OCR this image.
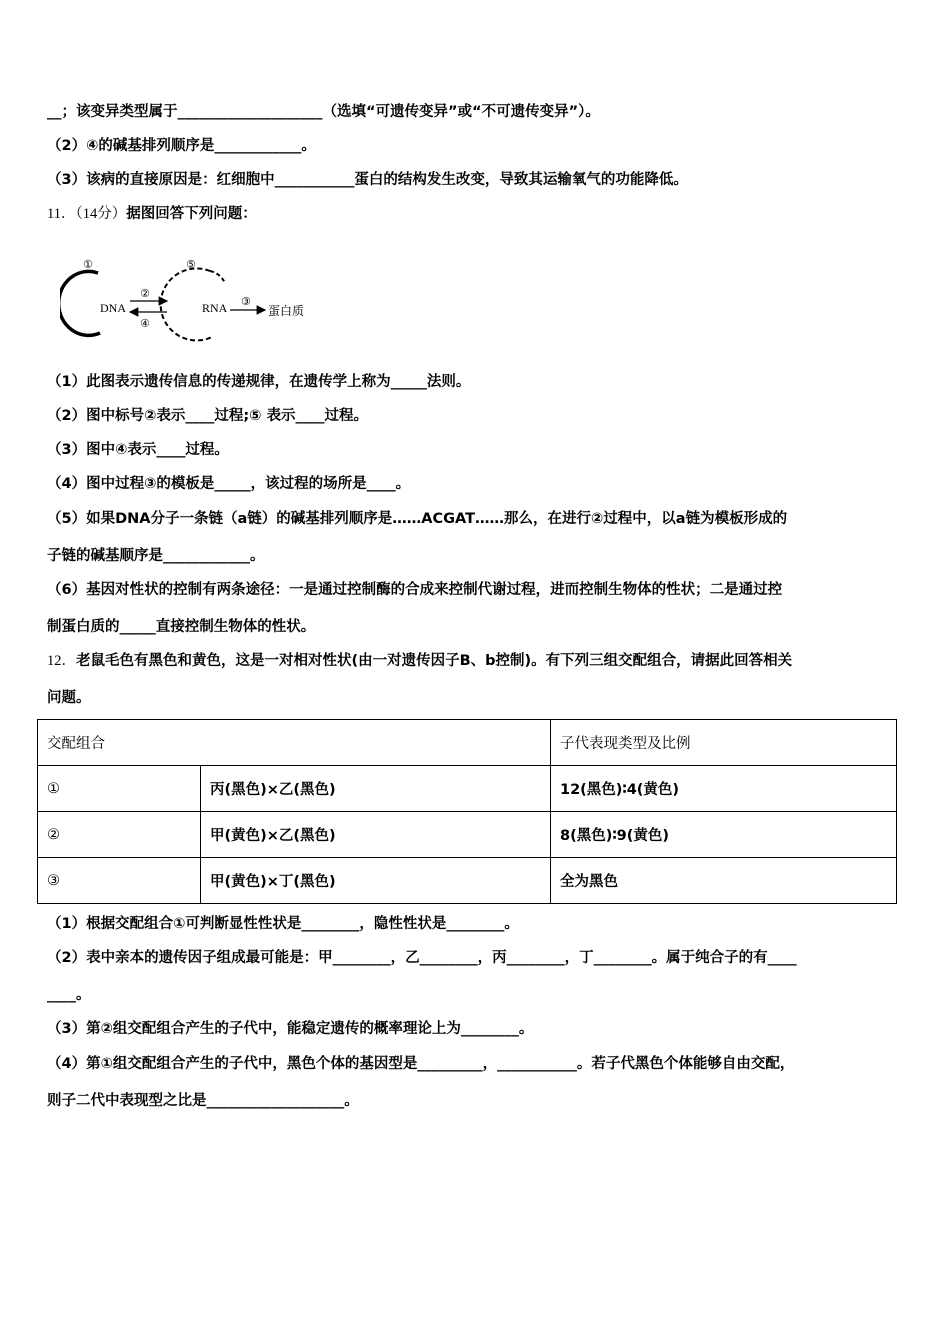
__；该变异类型属于____________________（选填“可遗传变异”或“不可遗传变异”）。
（2）④的碱基排列顺序是____________。
（3）该病的直接原因是：红细胞中___________蛋白的结构发生改变，导致其运输氧气的功能降低。
11．（14分）据图回答下列问题：
①
DNA
②
④
⑤
RNA ③
蛋白质
（1）此图表示遗传信息的传递规律，在遗传学上称为_____法则。
（2）图中标号②表示____过程;⑤ 表示____过程。
（3）图中④表示____过程。
（4）图中过程③的模板是_____，该过程的场所是____。
（5）如果DNA分子一条链（a链）的碱基排列顺序是……ACGAT……那么，在进行②过程中，以a链为模板形成的
子链的碱基顺序是____________。
（6）基因对性状的控制有两条途径：一是通过控制酶的合成来控制代谢过程，进而控制生物体的性状；二是通过控
制蛋白质的_____直接控制生物体的性状。
12．老鼠毛色有黑色和黄色，这是一对相对性状(由一对遗传因子B、b控制)。有下列三组交配组合，请据此回答相关
问题。
交配组合		子代表现类型及比例
①	丙(黑色)×乙(黑色)	12(黑色)∶4(黄色)
②	甲(黄色)×乙(黑色)	8(黑色)∶9(黄色)
③	甲(黄色)×丁(黑色)	全为黑色
（1）根据交配组合①可判断显性性状是________，隐性性状是________。
（2）表中亲本的遗传因子组成最可能是：甲________，乙________，丙________，丁________。属于纯合子的有____
____。
（3）第②组交配组合产生的子代中，能稳定遗传的概率理论上为________。
（4）第①组交配组合产生的子代中，黑色个体的基因型是_________，___________。若子代黑色个体能够自由交配，
则子二代中表现型之比是___________________。
